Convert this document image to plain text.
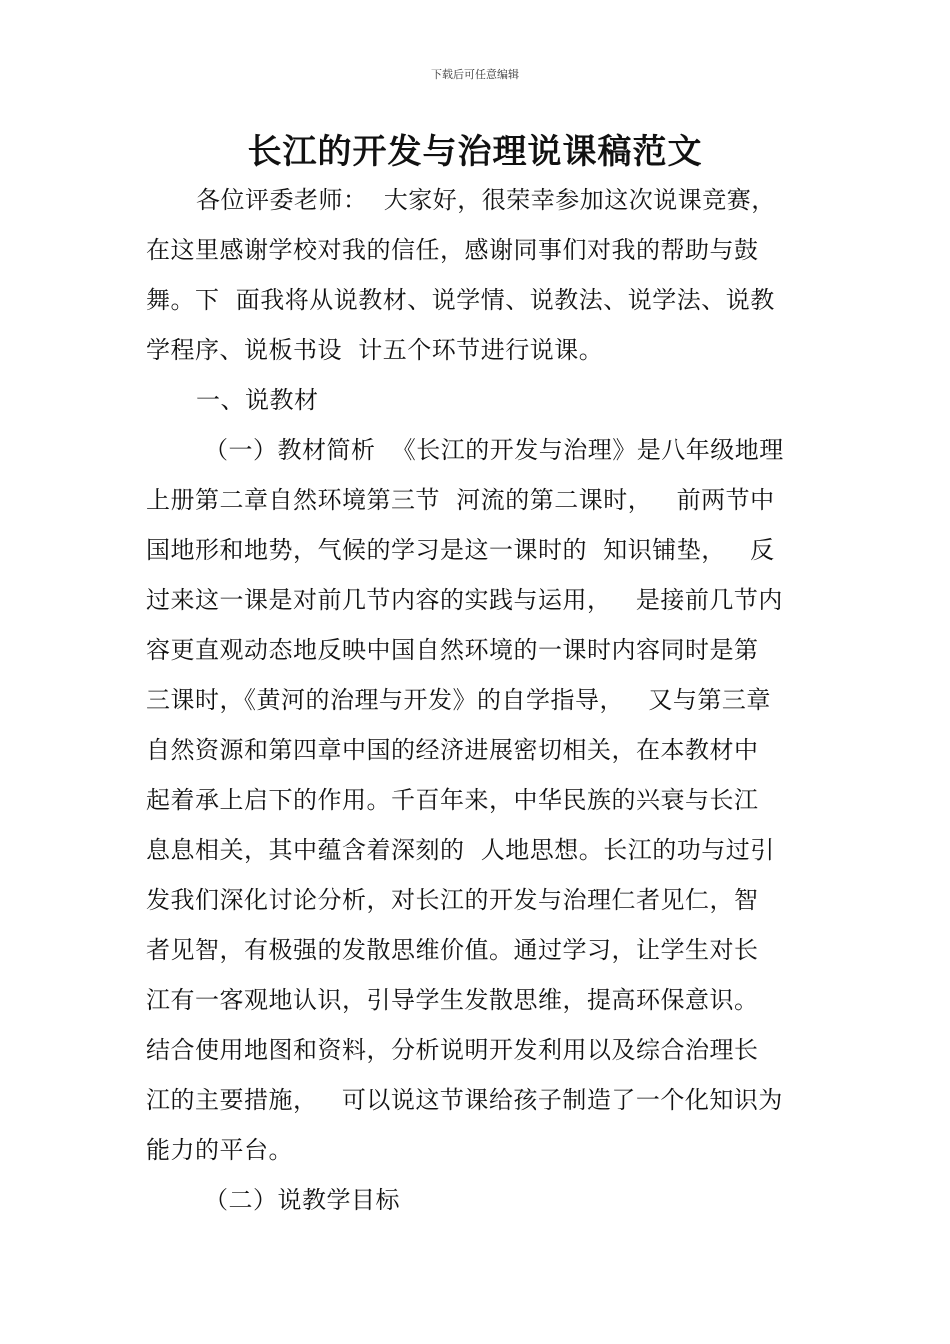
下载后可任意编辑
长江的开发与治理说课稿范文
各位评委老师：  大家好，很荣幸参加这次说课竞赛，
在这里感谢学校对我的信任，感谢同事们对我的帮助与鼓
舞。下  面我将从说教材、说学情、说教法、说学法、说教
学程序、说板书设  计五个环节进行说课。
一、说教材
（一）教材简析  《长江的开发与治理》是八年级地理
上册第二章自然环境第三节  河流的第二课时，   前两节中
国地形和地势，气候的学习是这一课时的  知识铺垫，   反
过来这一课是对前几节内容的实践与运用，   是接前几节内
容更直观动态地反映中国自然环境的一课时内容同时是第
三课时，《黄河的治理与开发》的自学指导，   又与第三章
自然资源和第四章中国的经济进展密切相关，在本教材中
起着承上启下的作用。千百年来，中华民族的兴衰与长江
息息相关，其中蕴含着深刻的  人地思想。长江的功与过引
发我们深化讨论分析，对长江的开发与治理仁者见仁，智
者见智，有极强的发散思维价值。通过学习，让学生对长
江有一客观地认识，引导学生发散思维，提高环保意识。
结合使用地图和资料，分析说明开发利用以及综合治理长
江的主要措施，   可以说这节课给孩子制造了一个化知识为
能力的平台。
（二）说教学目标
